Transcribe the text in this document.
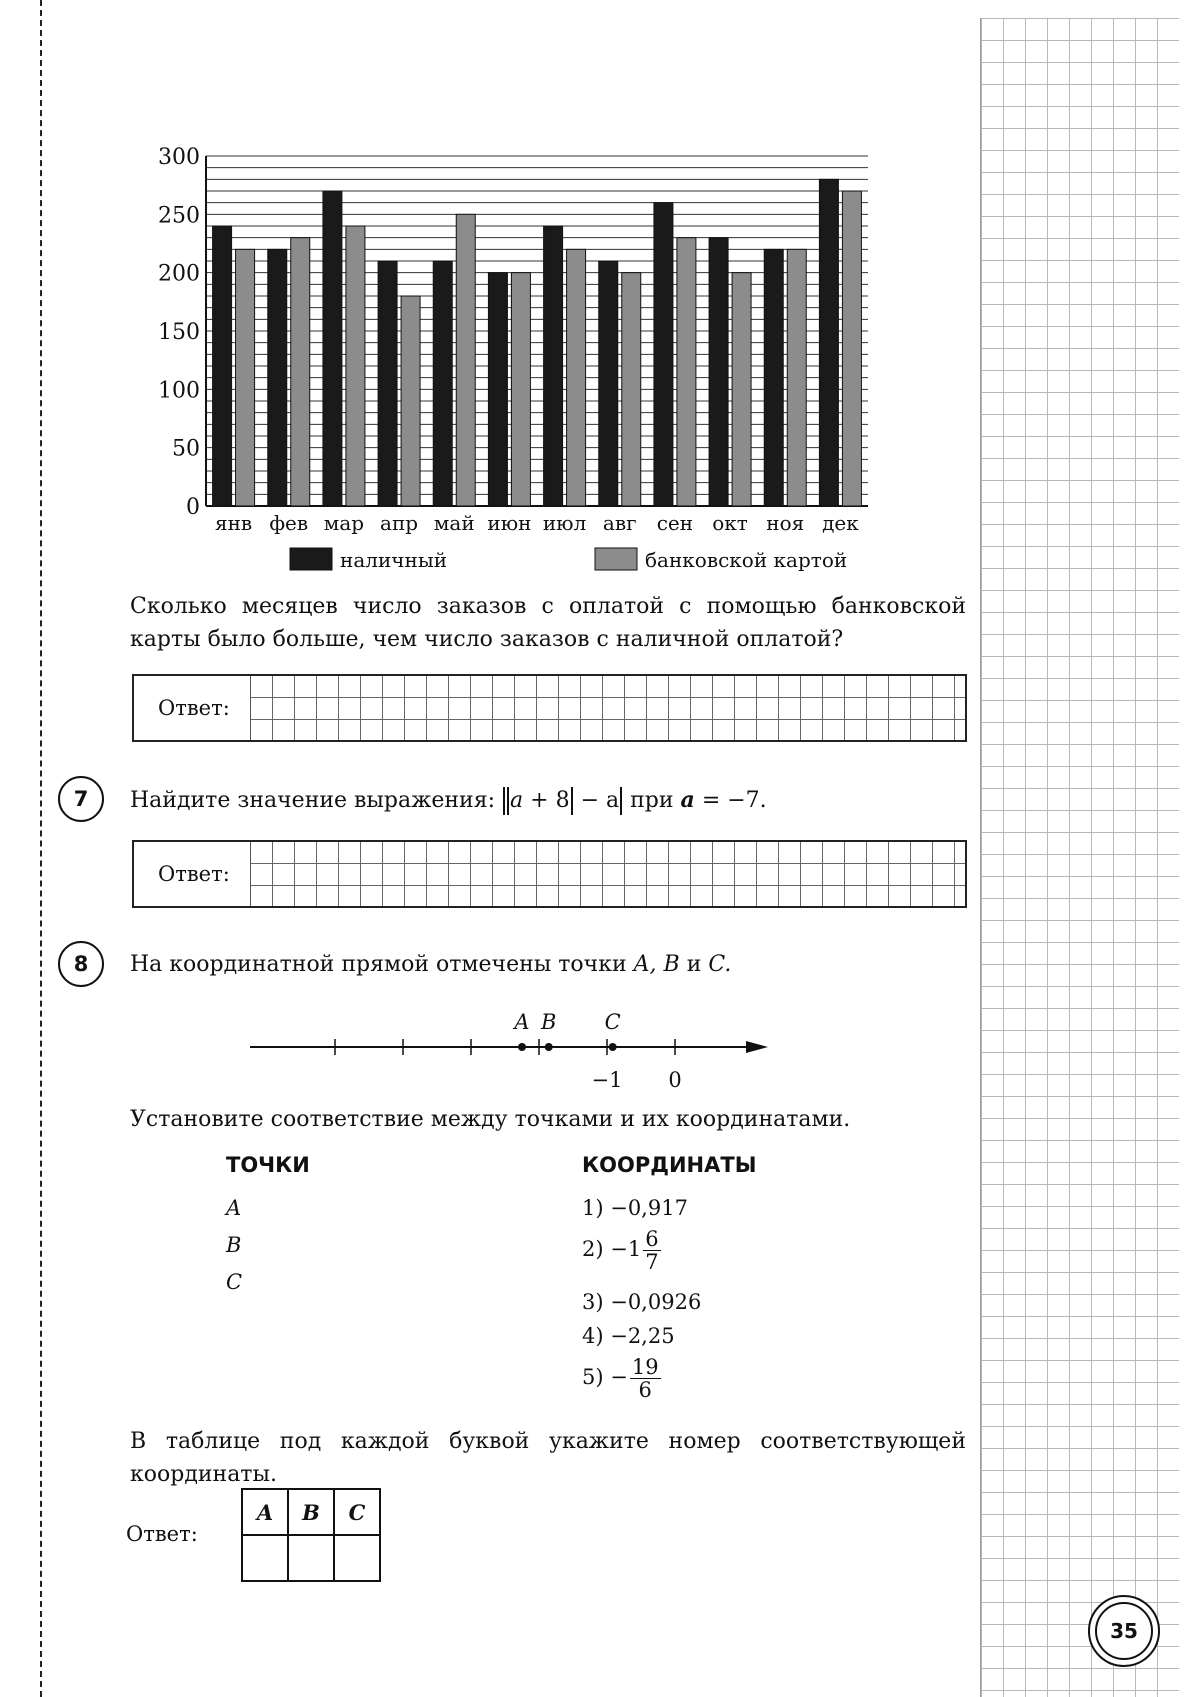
0
50
100
150
200
250
300
янв фев мар апр май июн июл авг сен окт ноя дек
наличный	банковской картой
Сколько месяцев число заказов с оплатой с помощью банковской карты было больше, чем число заказов с наличной оплатой?
Ответ:
7	Найдите значение выражения: a + 8 − a при a = −7.
Ответ:
8	На координатной прямой отмечены точки A, B и C.
−1 0
A B C
Установите соответствие между точками и их координатами.
ТОЧКИ	КООРДИНАТЫ
A
B
C
1) −0,917
$2) -1 \frac{6}{7}$
3) −0,0926
4) −2,25
$5) - \frac{19}{6}$
В таблице под каждой буквой укажите номер соответствующей координаты.
Ответ:
A	B	C

35
